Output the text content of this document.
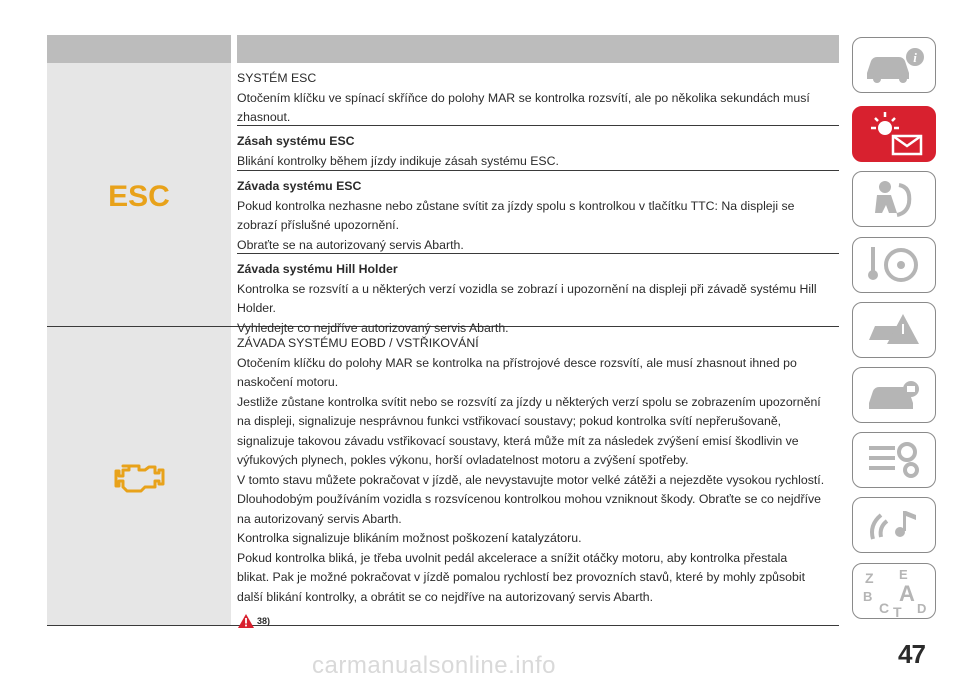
ESC

SYSTÉM ESC

Otočením klíčku ve spínací skříňce do polohy MAR se kontrolka rozsvítí, ale po několika sekundách musí

zhasnout.

Zásah systému ESC

Blikání kontrolky během jízdy indikuje zásah systému ESC.

Závada systému ESC

Pokud kontrolka nezhasne nebo zůstane svítit za jízdy spolu s kontrolkou v tlačítku TTC: Na displeji se

zobrazí příslušné upozornění.

Obraťte se na autorizovaný servis Abarth.

Závada systému Hill Holder

Kontrolka se rozsvítí a u některých verzí vozidla se zobrazí i upozornění na displeji při závadě systému Hill

Holder.

Vyhledejte co nejdříve autorizovaný servis Abarth.

ZÁVADA SYSTÉMU EOBD / VSTŘIKOVÁNÍ

Otočením klíčku do polohy MAR se kontrolka na přístrojové desce rozsvítí, ale musí zhasnout ihned po

naskočení motoru.

Jestliže zůstane kontrolka svítit nebo se rozsvítí za jízdy u některých verzí spolu se zobrazením upozornění

na displeji, signalizuje nesprávnou funkci vstřikovací soustavy; pokud kontrolka svítí nepřerušovaně,

signalizuje takovou závadu vstřikovací soustavy, která může mít za následek zvýšení emisí škodlivin ve

výfukových plynech, pokles výkonu, horší ovladatelnost motoru a zvýšení spotřeby.

V tomto stavu můžete pokračovat v jízdě, ale nevystavujte motor velké zátěži a nejezděte vysokou rychlostí.

Dlouhodobým používáním vozidla s rozsvícenou kontrolkou mohou vzniknout škody. Obraťte se co nejdříve

na autorizovaný servis Abarth.

Kontrolka signalizuje blikáním možnost poškození katalyzátoru.

Pokud kontrolka bliká, je třeba uvolnit pedál akcelerace a snížit otáčky motoru, aby kontrolka přestala

blikat. Pak je možné pokračovat v jízdě pomalou rychlostí bez provozních stavů, které by mohly způsobit

další blikání kontrolky, a obrátit se co nejdříve na autorizovaný servis Abarth.

38)
i
Z E
B A
C T D
47
carmanualsonline.info
